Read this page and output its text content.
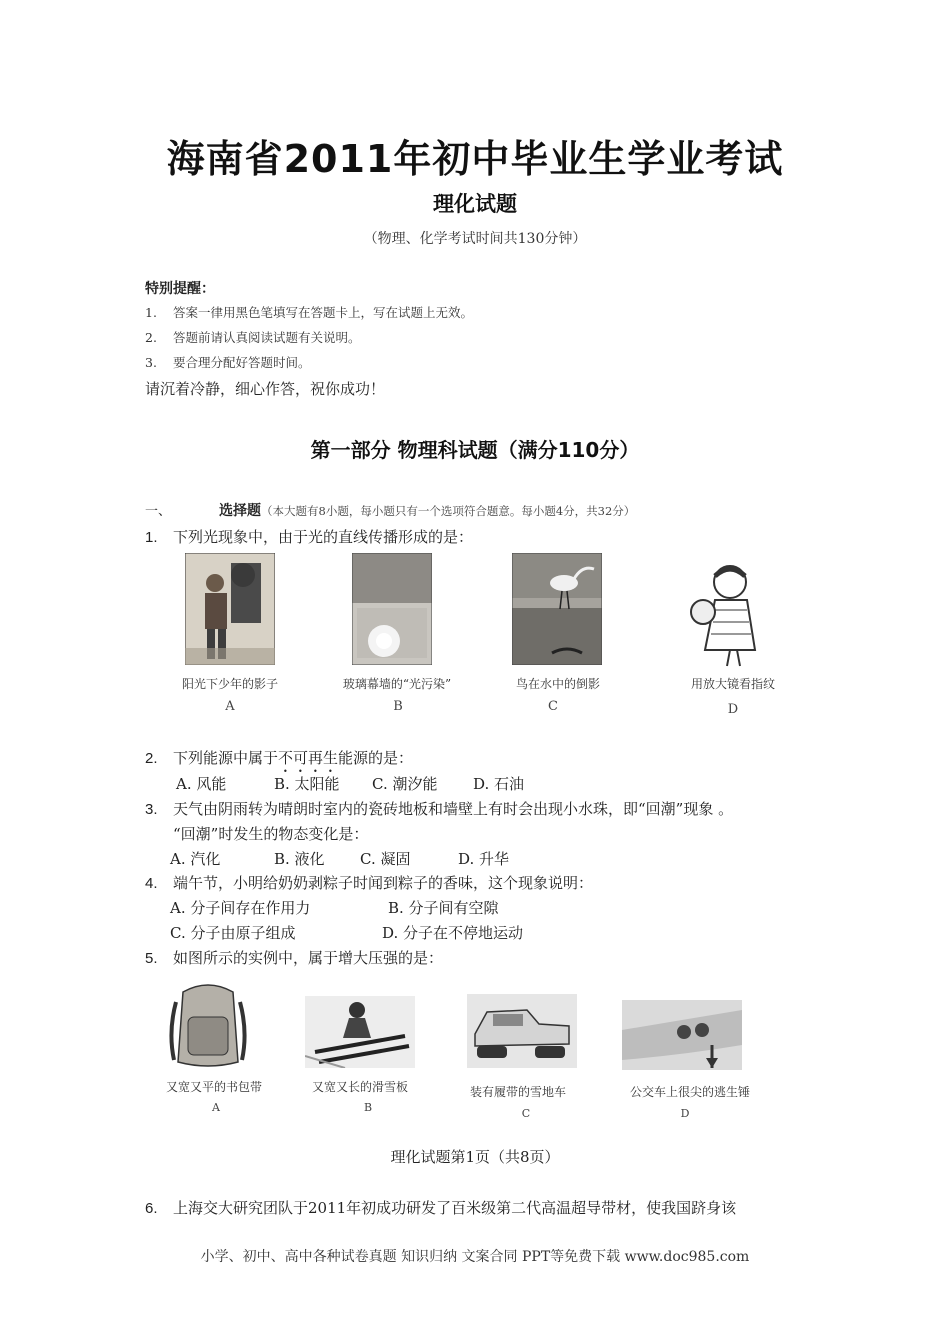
海南省2011年初中毕业生学业考试
理化试题
（物理、化学考试时间共130分钟）
特别提醒：
1. 答案一律用黑色笔填写在答题卡上，写在试题上无效。
2. 答题前请认真阅读试题有关说明。
3. 要合理分配好答题时间。
请沉着冷静，细心作答，祝你成功！
第一部分 物理科试题（满分110分）
一、	选择题（本大题有8小题，每小题只有一个选项符合题意。每小题4分，共32分）
1. 下列光现象中，由于光的直线传播形成的是：
阳光下少年的影子
A
玻璃幕墙的“光污染”
B
鸟在水中的倒影
C
用放大镜看指纹
D
2. 下列能源中属于不可再生能源的是：
A. 风能	B. 太阳能 C. 潮汐能 D. 石油
3. 天气由阴雨转为晴朗时室内的瓷砖地板和墙壁上有时会出现小水珠，即“回潮”现象 。
“回潮”时发生的物态变化是：
A. 汽化	B. 液化 C. 凝固	D. 升华
4. 端午节，小明给奶奶剥粽子时闻到粽子的香味，这个现象说明：
A. 分子间存在作用力	B. 分子间有空隙
C. 分子由原子组成	D. 分子在不停地运动
5. 如图所示的实例中，属于增大压强的是：
又宽又平的书包带
A
又宽又长的滑雪板
B
装有履带的雪地车
C
公交车上很尖的逃生锤
D
理化试题第1页（共8页）
6. 上海交大研究团队于2011年初成功研发了百米级第二代高温超导带材，使我国跻身该
小学、初中、高中各种试卷真题 知识归纳 文案合同 PPT等免费下载 www.doc985.com
